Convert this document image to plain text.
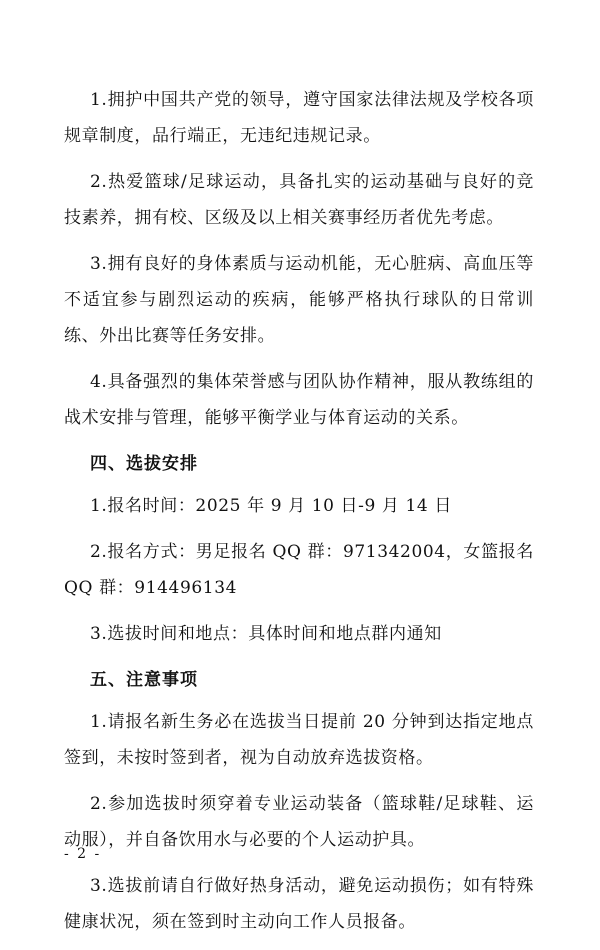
1.拥护中国共产党的领导，遵守国家法律法规及学校各项规章制度，品行端正，无违纪违规记录。

2.热爱篮球/足球运动，具备扎实的运动基础与良好的竞技素养，拥有校、区级及以上相关赛事经历者优先考虑。

3.拥有良好的身体素质与运动机能，无心脏病、高血压等不适宜参与剧烈运动的疾病，能够严格执行球队的日常训练、外出比赛等任务安排。

4.具备强烈的集体荣誉感与团队协作精神，服从教练组的战术安排与管理，能够平衡学业与体育运动的关系。

四、选拔安排

1.报名时间：2025 年 9 月 10 日-9 月 14 日

2.报名方式：男足报名 QQ 群：971342004，女篮报名 QQ 群：914496134

3.选拔时间和地点：具体时间和地点群内通知

五、注意事项

1.请报名新生务必在选拔当日提前 20 分钟到达指定地点签到，未按时签到者，视为自动放弃选拔资格。

2.参加选拔时须穿着专业运动装备（篮球鞋/足球鞋、运动服），并自备饮用水与必要的个人运动护具。

3.选拔前请自行做好热身活动，避免运动损伤；如有特殊健康状况，须在签到时主动向工作人员报备。

- 2 -
